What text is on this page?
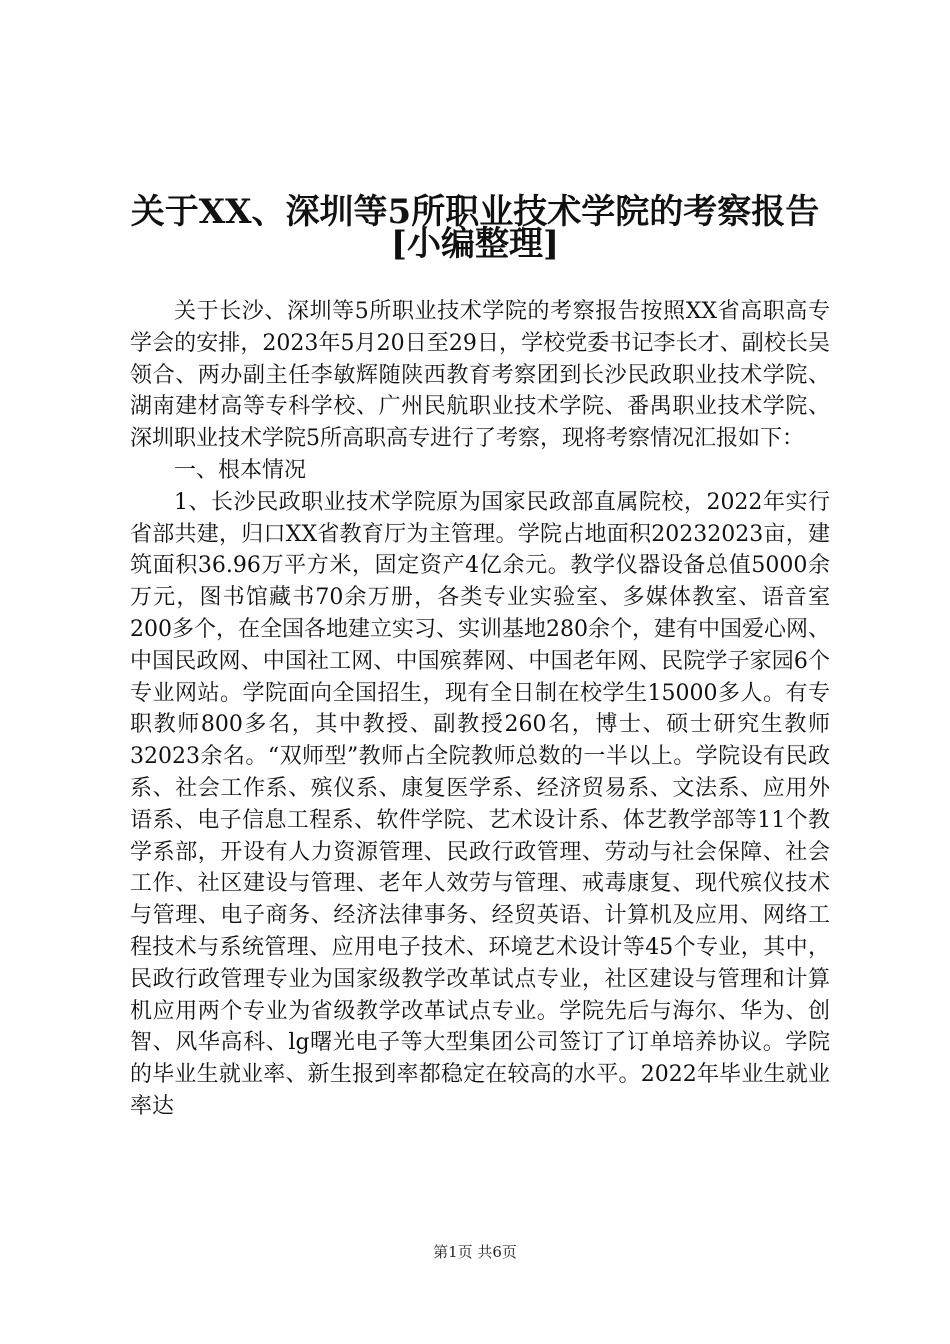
关于XX、深圳等5所职业技术学院的考察报告
[小编整理]

关于长沙、深圳等5所职业技术学院的考察报告按照XX省高职高专学会的安排，2023年5月20日至29日，学校党委书记李长才、副校长吴领合、两办副主任李敏辉随陕西教育考察团到长沙民政职业技术学院、湖南建材高等专科学校、广州民航职业技术学院、番禺职业技术学院、深圳职业技术学院5所高职高专进行了考察，现将考察情况汇报如下：

一、根本情况

1、长沙民政职业技术学院原为国家民政部直属院校，2022年实行省部共建，归口XX省教育厅为主管理。学院占地面积20232023亩，建筑面积36.96万平方米，固定资产4亿余元。教学仪器设备总值5000余万元，图书馆藏书70余万册，各类专业实验室、多媒体教室、语音室200多个，在全国各地建立实习、实训基地280余个，建有中国爱心网、中国民政网、中国社工网、中国殡葬网、中国老年网、民院学子家园6个专业网站。学院面向全国招生，现有全日制在校学生15000多人。有专职教师800多名，其中教授、副教授260名，博士、硕士研究生教师32023余名。“双师型”教师占全院教师总数的一半以上。学院设有民政系、社会工作系、殡仪系、康复医学系、经济贸易系、文法系、应用外语系、电子信息工程系、软件学院、艺术设计系、体艺教学部等11个教学系部，开设有人力资源管理、民政行政管理、劳动与社会保障、社会工作、社区建设与管理、老年人效劳与管理、戒毒康复、现代殡仪技术与管理、电子商务、经济法律事务、经贸英语、计算机及应用、网络工程技术与系统管理、应用电子技术、环境艺术设计等45个专业，其中，民政行政管理专业为国家级教学改革试点专业，社区建设与管理和计算机应用两个专业为省级教学改革试点专业。学院先后与海尔、华为、创智、风华高科、lg曙光电子等大型集团公司签订了订单培养协议。学院的毕业生就业率、新生报到率都稳定在较高的水平。2022年毕业生就业率达

第1页 共6页
